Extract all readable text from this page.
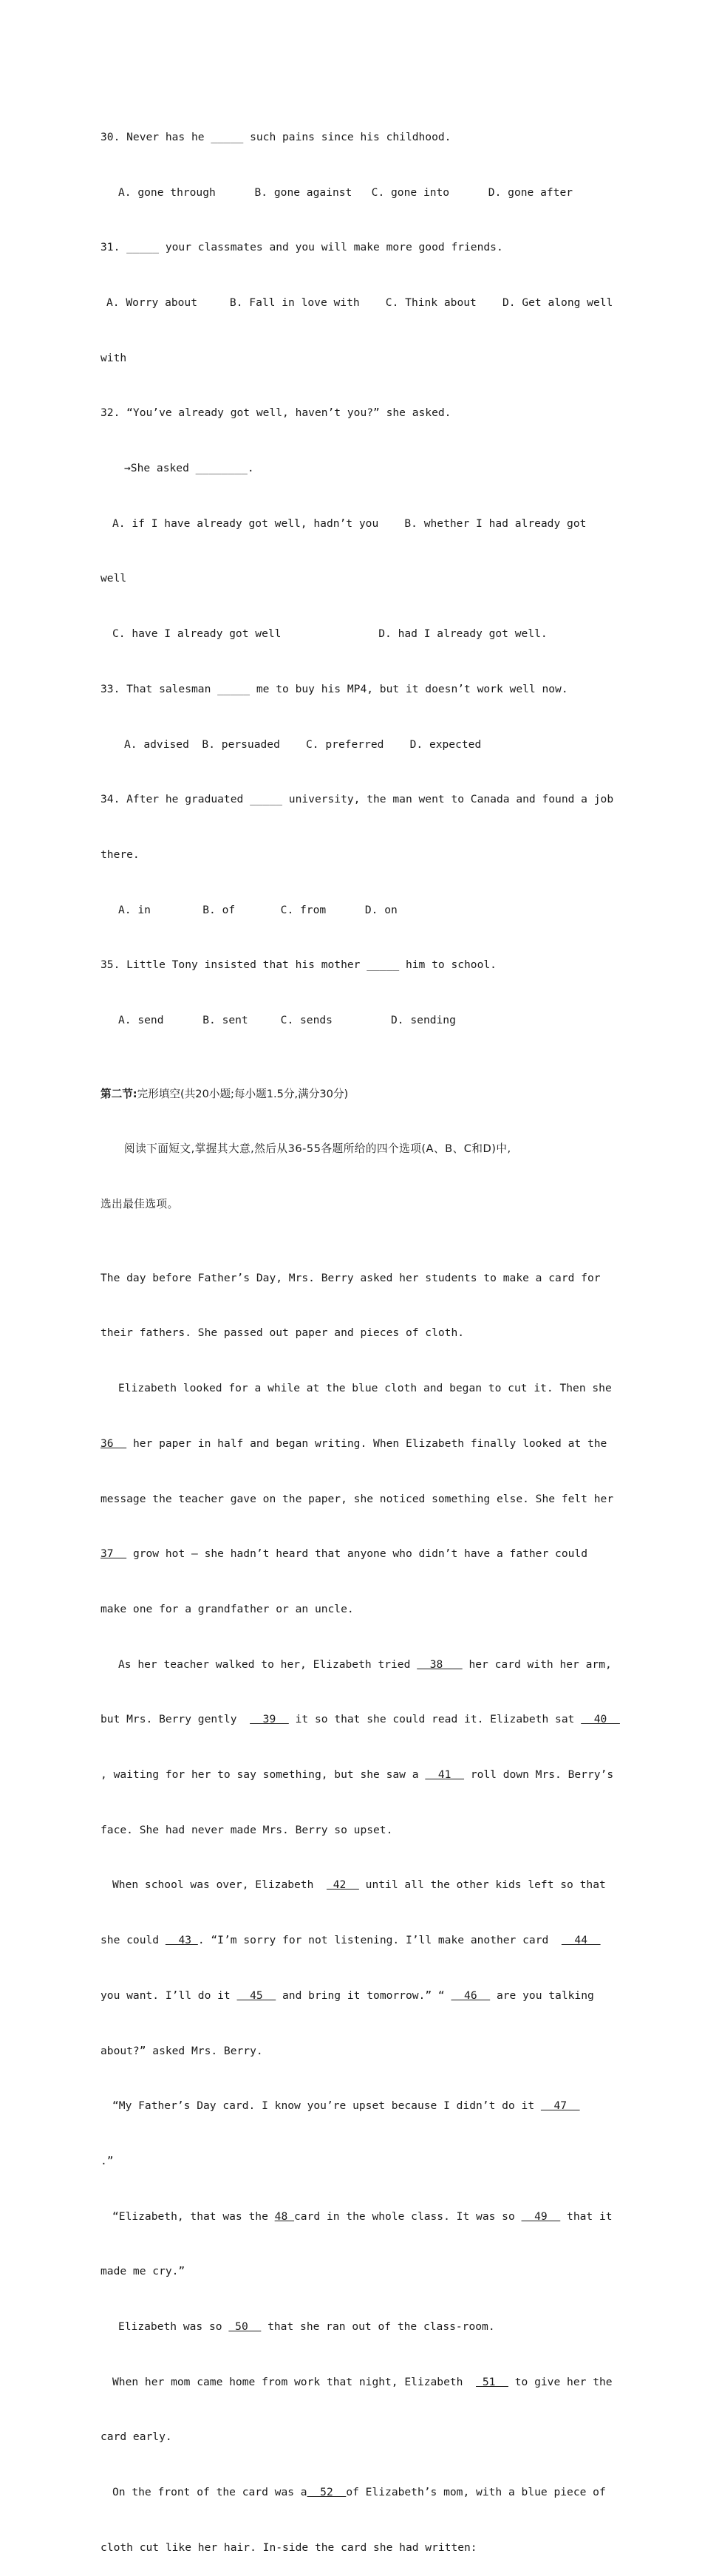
30. Never has he _____ such pains since his childhood.

A. gone through      B. gone against   C. gone into      D. gone after

31. _____ your classmates and you will make more good friends.

A. Worry about     B. Fall in love with    C. Think about    D. Get along well

with

32. “You’ve already got well, haven’t you?” she asked.

→She asked ________.

A. if I have already got well, hadn’t you    B. whether I had already got

well

C. have I already got well               D. had I already got well.

33. That salesman _____ me to buy his MP4, but it doesn’t work well now.

A. advised  B. persuaded    C. preferred    D. expected

34. After he graduated _____ university, the man went to Canada and found a job

there.

A. in        B. of       C. from      D. on

35. Little Tony insisted that his mother _____ him to school.

A. send      B. sent     C. sends         D. sending

第二节:完形填空(共20小题;每小题1.5分,满分30分)

阅读下面短文,掌握其大意,然后从36-55各题所给的四个选项(A、B、C和D)中,

选出最佳选项。

The day before Father’s Day, Mrs. Berry asked her students to make a card for

their fathers. She passed out paper and pieces of cloth.

Elizabeth looked for a while at the blue cloth and began to cut it. Then she

36   her paper in half and began writing. When Elizabeth finally looked at the

message the teacher gave on the paper, she noticed something else. She felt her

37   grow hot — she hadn’t heard that anyone who didn’t have a father could

make one for a grandfather or an uncle.

As her teacher walked to her, Elizabeth tried   38    her card with her arm,

but Mrs. Berry gently    39   it so that she could read it. Elizabeth sat   40

, waiting for her to say something, but she saw a   41   roll down Mrs. Berry’s

face. She had never made Mrs. Berry so upset.

When school was over, Elizabeth   42   until all the other kids left so that

she could   43 . “I’m sorry for not listening. I’ll make another card    44

you want. I’ll do it   45   and bring it tomorrow.” “   46   are you talking

about?” asked Mrs. Berry.

“My Father’s Day card. I know you’re upset because I didn’t do it   47

.”

“Elizabeth, that was the 48 card in the whole class. It was so   49   that it

made me cry.”

Elizabeth was so  50   that she ran out of the class-room.

When her mom came home from work that night, Elizabeth   51   to give her the

card early.

On the front of the card was a  52  of Elizabeth’s mom, with a blue piece of

cloth cut like her hair. In-side the card she had written:
